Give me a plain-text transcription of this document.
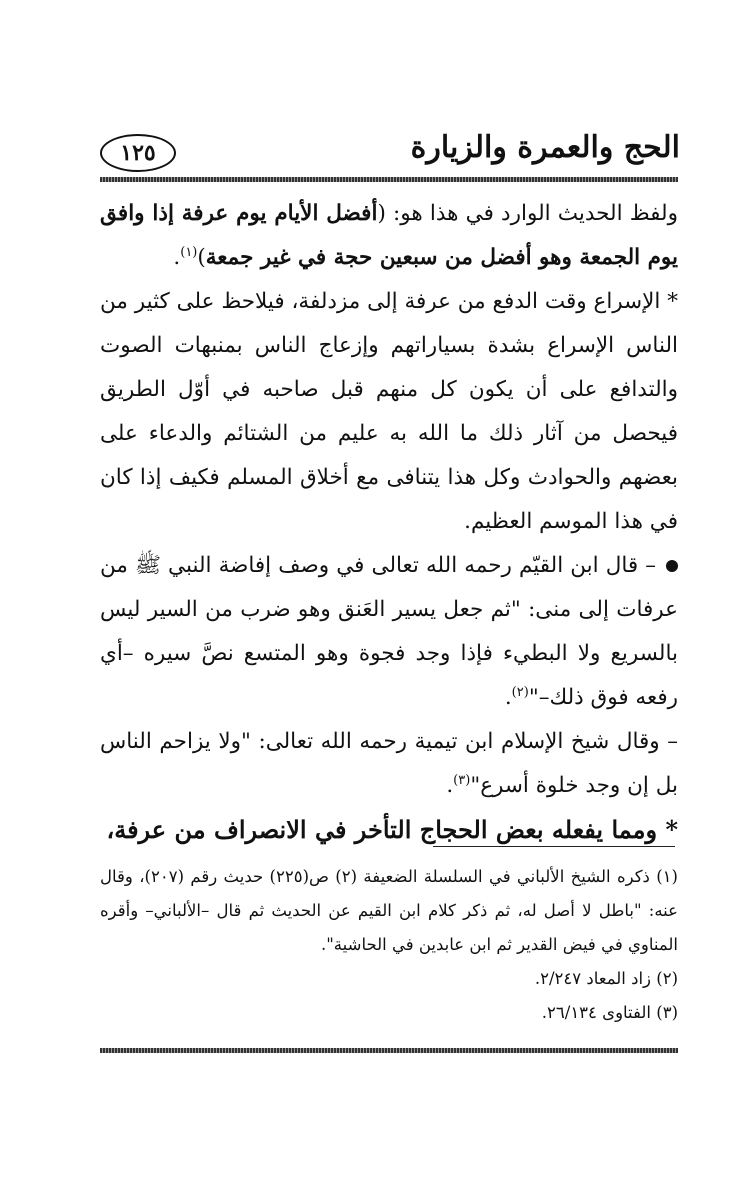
الحج والعمرة والزيارة
١٢٥

ولفظ الحديث الوارد في هذا هو: (أفضل الأيام يوم عرفة إذا وافق يوم الجمعة وهو أفضل من سبعين حجة في غير جمعة)$^{(١)}$.

* الإسراع وقت الدفع من عرفة إلى مزدلفة، فيلاحظ على كثير من الناس الإسراع بشدة بسياراتهم وإزعاج الناس بمنبهات الصوت والتدافع على أن يكون كل منهم قبل صاحبه في أوّل الطريق فيحصل من آثار ذلك ما الله به عليم من الشتائم والدعاء على بعضهم والحوادث وكل هذا يتنافى مع أخلاق المسلم فكيف إذا كان في هذا الموسم العظيم.

– قال ابن القيّم رحمه الله تعالى في وصف إفاضة النبي ﷺ من عرفات إلى منى: "ثم جعل يسير العَنق وهو ضرب من السير ليس بالسريع ولا البطيء فإذا وجد فجوة وهو المتسع نصَّ سيره –أي رفعه فوق ذلك–"$^{(٢)}$.

– وقال شيخ الإسلام ابن تيمية رحمه الله تعالى: "ولا يزاحم الناس بل إن وجد خلوة أسرع"$^{(٣)}$.

* ومما يفعله بعض الحجاج التأخر في الانصراف من عرفة،

(١) ذكره الشيخ الألباني في السلسلة الضعيفة (٢) ص(٢٢٥) حديث رقم (٢٠٧)، وقال عنه: "باطل لا أصل له، ثم ذكر كلام ابن القيم عن الحديث ثم قال –الألباني– وأقره المناوي في فيض القدير ثم ابن عابدين في الحاشية".

(٢) زاد المعاد ٢/٢٤٧.

(٣) الفتاوى ٢٦/١٣٤.
